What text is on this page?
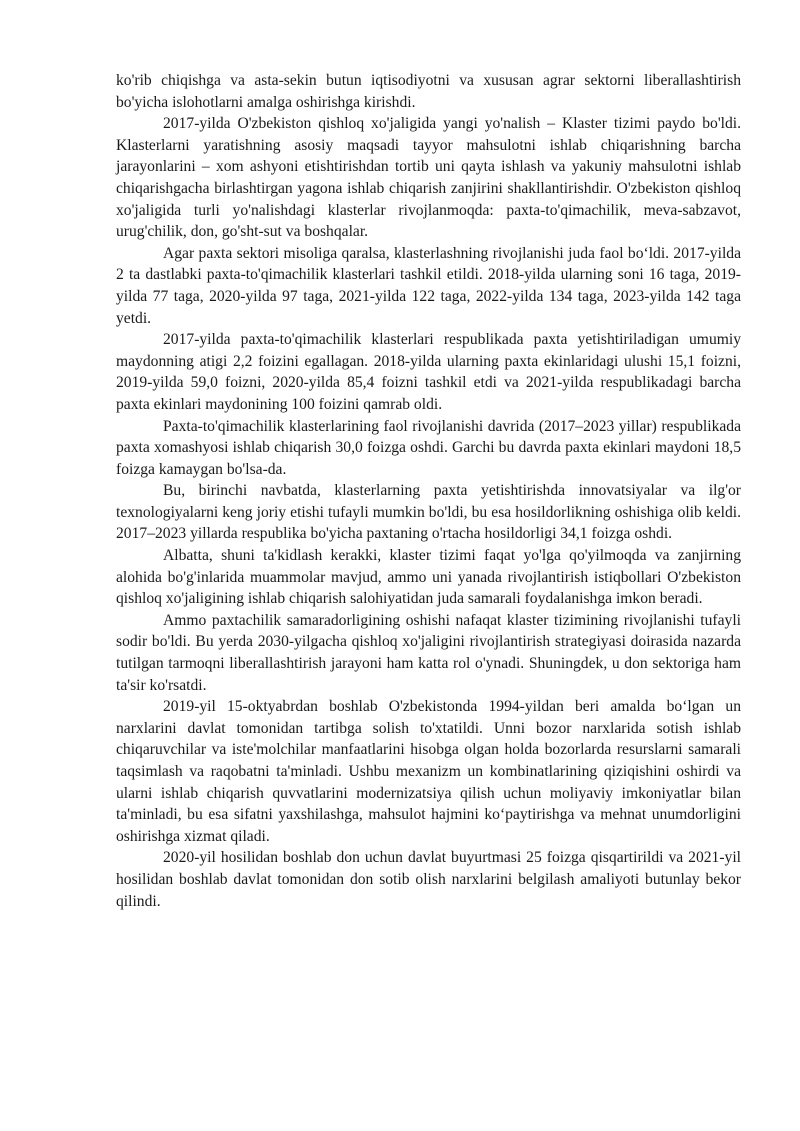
ko'rib chiqishga va asta-sekin butun iqtisodiyotni va xususan agrar sektorni liberallashtirish bo'yicha islohotlarni amalga oshirishga kirishdi.

2017-yilda O'zbekiston qishloq xo'jaligida yangi yo'nalish – Klaster tizimi paydo bo'ldi. Klasterlarni yaratishning asosiy maqsadi tayyor mahsulotni ishlab chiqarishning barcha jarayonlarini – xom ashyoni etishtirishdan tortib uni qayta ishlash va yakuniy mahsulotni ishlab chiqarishgacha birlashtirgan yagona ishlab chiqarish zanjirini shakllantirishdir. O'zbekiston qishloq xo'jaligida turli yo'nalishdagi klasterlar rivojlanmoqda: paxta-to'qimachilik, meva-sabzavot, urug'chilik, don, go'sht-sut va boshqalar.

Agar paxta sektori misoliga qaralsa, klasterlashning rivojlanishi juda faol bo‘ldi. 2017-yilda 2 ta dastlabki paxta-to'qimachilik klasterlari tashkil etildi. 2018-yilda ularning soni 16 taga, 2019-yilda 77 taga, 2020-yilda 97 taga, 2021-yilda 122 taga, 2022-yilda 134 taga, 2023-yilda 142 taga yetdi.

2017-yilda paxta-to'qimachilik klasterlari respublikada paxta yetishtiriladigan umumiy maydonning atigi 2,2 foizini egallagan. 2018-yilda ularning paxta ekinlaridagi ulushi 15,1 foizni, 2019-yilda 59,0 foizni, 2020-yilda 85,4 foizni tashkil etdi va 2021-yilda respublikadagi barcha paxta ekinlari maydonining 100 foizini qamrab oldi.

Paxta-to'qimachilik klasterlarining faol rivojlanishi davrida (2017–2023 yillar) respublikada paxta xomashyosi ishlab chiqarish 30,0 foizga oshdi. Garchi bu davrda paxta ekinlari maydoni 18,5 foizga kamaygan bo'lsa-da.

Bu, birinchi navbatda, klasterlarning paxta yetishtirishda innovatsiyalar va ilg'or texnologiyalarni keng joriy etishi tufayli mumkin bo'ldi, bu esa hosildorlikning oshishiga olib keldi. 2017–2023 yillarda respublika bo'yicha paxtaning o'rtacha hosildorligi 34,1 foizga oshdi.

Albatta, shuni ta'kidlash kerakki, klaster tizimi faqat yo'lga qo'yilmoqda va zanjirning alohida bo'g'inlarida muammolar mavjud, ammo uni yanada rivojlantirish istiqbollari O'zbekiston qishloq xo'jaligining ishlab chiqarish salohiyatidan juda samarali foydalanishga imkon beradi.

Ammo paxtachilik samaradorligining oshishi nafaqat klaster tizimining rivojlanishi tufayli sodir bo'ldi. Bu yerda 2030-yilgacha qishloq xo'jaligini rivojlantirish strategiyasi doirasida nazarda tutilgan tarmoqni liberallashtirish jarayoni ham katta rol o'ynadi. Shuningdek, u don sektoriga ham ta'sir ko'rsatdi.

2019-yil 15-oktyabrdan boshlab O'zbekistonda 1994-yildan beri amalda bo‘lgan un narxlarini davlat tomonidan tartibga solish to'xtatildi. Unni bozor narxlarida sotish ishlab chiqaruvchilar va iste'molchilar manfaatlarini hisobga olgan holda bozorlarda resurslarni samarali taqsimlash va raqobatni ta'minladi. Ushbu mexanizm un kombinatlarining qiziqishini oshirdi va ularni ishlab chiqarish quvvatlarini modernizatsiya qilish uchun moliyaviy imkoniyatlar bilan ta'minladi, bu esa sifatni yaxshilashga, mahsulot hajmini ko‘paytirishga va mehnat unumdorligini oshirishga xizmat qiladi.

2020-yil hosilidan boshlab don uchun davlat buyurtmasi 25 foizga qisqartirildi va 2021-yil hosilidan boshlab davlat tomonidan don sotib olish narxlarini belgilash amaliyoti butunlay bekor qilindi.
